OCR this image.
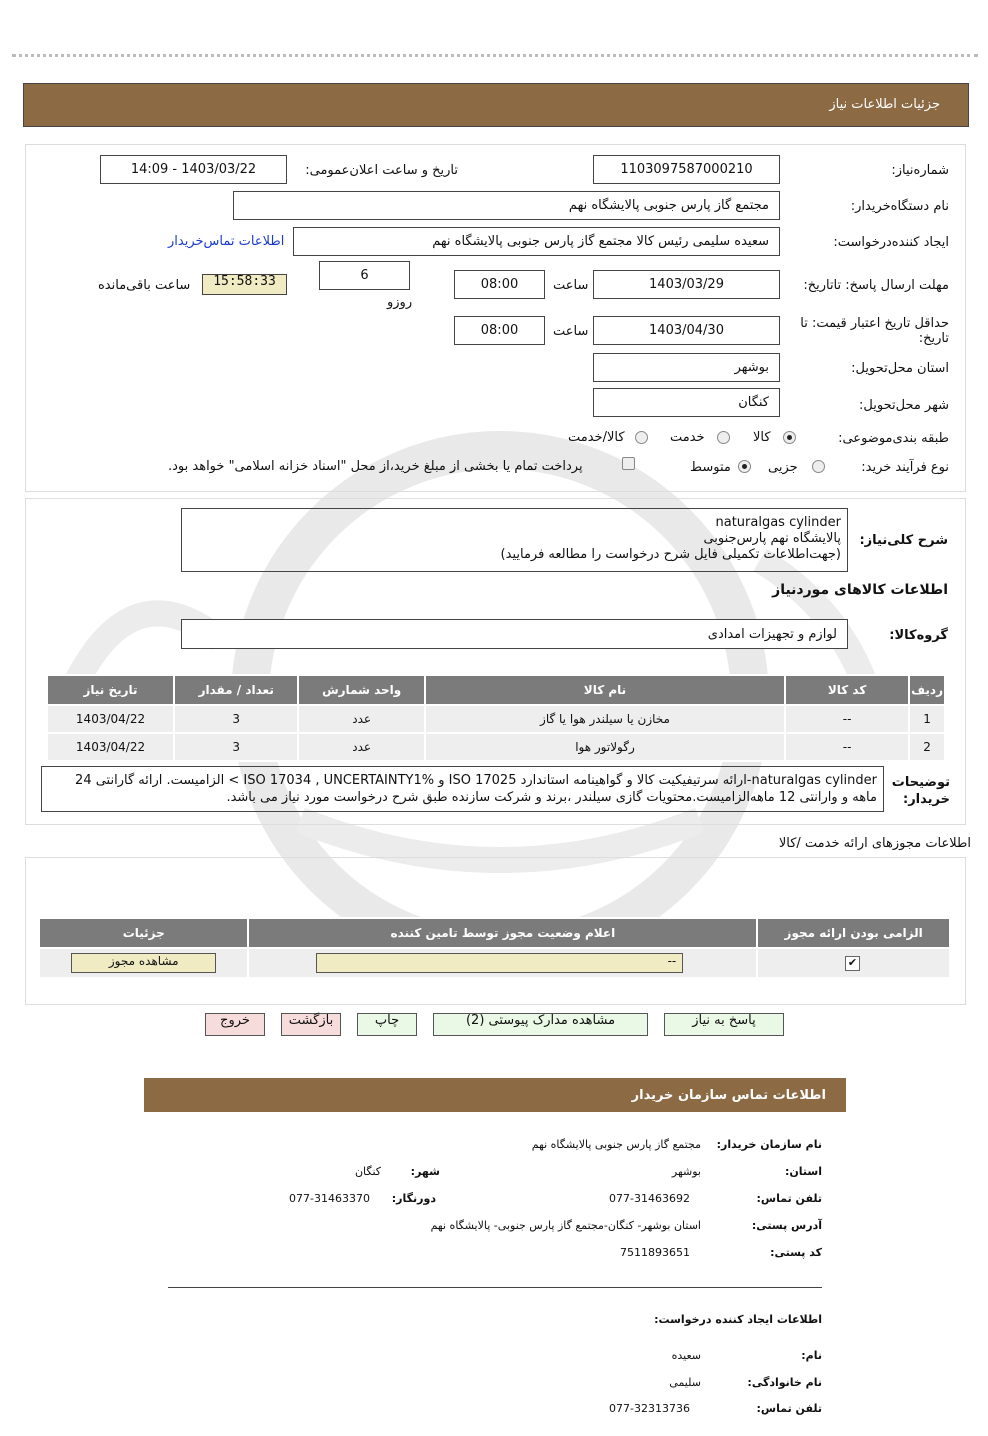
جزئیات اطلاعات نیاز
شماره‌نیاز:
1103097587000210
تاریخ و ساعت اعلان‌عمومی:
1403/03/22 - 14:09
نام دستگاه‌خریدار:
مجتمع گاز پارس جنوبی پالایشگاه نهم
ایجاد کننده‌درخواست:
سعیده سلیمی رئیس کالا مجتمع گاز پارس جنوبی پالایشگاه نهم
اطلاعات تماس‌خریدار
مهلت ارسال پاسخ: تاتاریخ:
1403/03/29
ساعت
08:00
6
روزو
15:58:33
ساعت باقی‌مانده
حداقل تاریخ اعتبار قیمت: تا تاریخ:
1403/04/30
ساعت
08:00
استان محل‌تحویل:
بوشهر
شهر محل‌تحویل:
کنگان
طبقه بندی‌موضوعی:
کالا
خدمت
کالا/خدمت
نوع فرآیند خرید:
جزیی
متوسط
پرداخت تمام یا بخشی از مبلغ خرید،از محل "اسناد خزانه اسلامی" خواهد بود.
شرح کلی‌نیاز:
naturalgas cylinder
پالایشگاه نهم پارس‌جنوبی
(جهت‌اطلاعات تکمیلی فایل شرح درخواست را مطالعه فرمایید)
اطلاعات کالاهای موردنیاز
گروه‌کالا:
لوازم و تجهیزات امدادی
ردیف	کد کالا	نام کالا	واحد شمارش	تعداد / مقدار	تاریخ نیاز
1	--	مخازن یا سیلندر هوا یا گاز	عدد	3	1403/04/22
2	--	رگولاتور هوا	عدد	3	1403/04/22
توضیحات
خریدار:
naturalgas cylinder-ارائه سرتیفیکیت کالا و گواهینامه استاندارد ISO 17025 و ISO 17034 , UNCERTAINTY1% > الزامیست. ارائه گارانتی 24
ماهه و وارانتی 12 ماهه‌الزامیست.محتویات گازی سیلندر ،برند و شرکت سازنده طبق شرح درخواست مورد نیاز می باشد.
اطلاعات مجوزهای ارائه خدمت /کالا
الزامی بودن ارائه مجوز	اعلام وضعیت مجوز توسط تامین کننده	جزئیات

✔	--	مشاهده مجوز
پاسخ به نیاز
مشاهده مدارک پیوستی (2)
چاپ
بازگشت
خروج
اطلاعات تماس سازمان خریدار
نام سازمان خریدار:
مجتمع گاز پارس جنوبی پالایشگاه نهم
استان:
بوشهر
شهر:
کنگان
تلفن تماس:
077-31463692
دورنگار:
077-31463370
آدرس پستی:
استان بوشهر- کنگان-مجتمع گاز پارس جنوبی- پالایشگاه نهم
کد پستی:
7511893651
اطلاعات ایجاد کننده درخواست:
نام:
سعیده
نام خانوادگی:
سلیمی
تلفن تماس:
077-32313736
